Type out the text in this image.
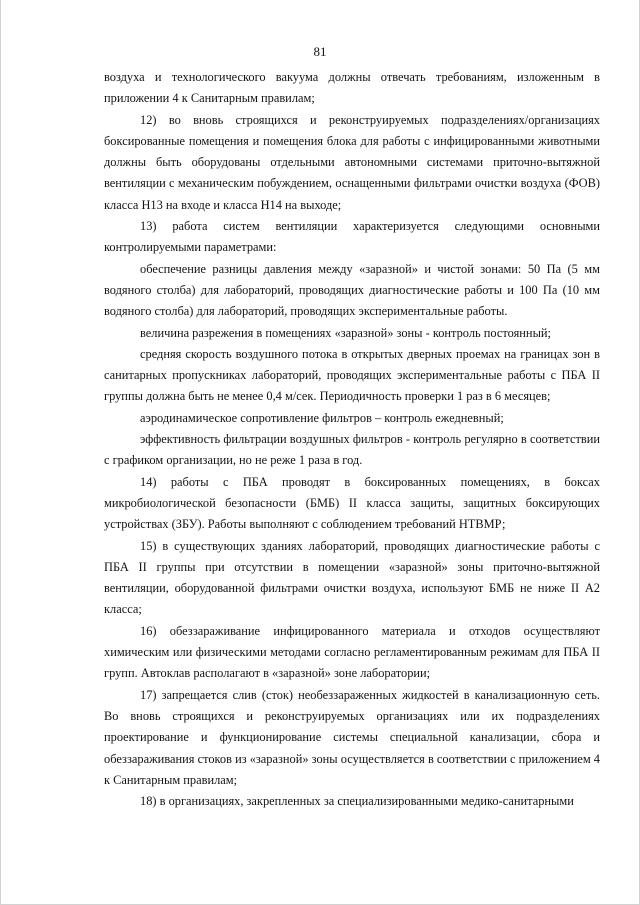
81

воздуха и технологического вакуума должны отвечать требованиям, изложенным в приложении 4 к Санитарным правилам;

12) во вновь строящихся и реконструируемых подразделениях/организациях боксированные помещения и помещения блока для работы с инфицированными животными должны быть оборудованы отдельными автономными системами приточно-вытяжной вентиляции с механическим побуждением, оснащенными фильтрами очистки воздуха (ФОВ) класса Н13 на входе и класса Н14 на выходе;

13) работа систем вентиляции характеризуется следующими основными контролируемыми параметрами:

обеспечение разницы давления между «заразной» и чистой зонами: 50 Па (5 мм водяного столба) для лабораторий, проводящих диагностические работы и 100 Па (10 мм водяного столба) для лабораторий, проводящих экспериментальные работы.

величина разрежения в помещениях «заразной» зоны - контроль постоянный;

средняя скорость воздушного потока в открытых дверных проемах на границах зон в санитарных пропускниках лабораторий, проводящих экспериментальные работы с ПБА II группы должна быть не менее 0,4 м/сек. Периодичность проверки 1 раз в 6 месяцев;

аэродинамическое сопротивление фильтров – контроль ежедневный;

эффективность фильтрации воздушных фильтров - контроль регулярно в соответствии с графиком организации, но не реже 1 раза в год.

14) работы с ПБА проводят в боксированных помещениях, в боксах микробиологической безопасности (БМБ) II класса защиты, защитных боксирующих устройствах (ЗБУ). Работы выполняют с соблюдением требований НТВМР;

15) в существующих зданиях лабораторий, проводящих диагностические работы с ПБА II группы при отсутствии в помещении «заразной» зоны приточно-вытяжной вентиляции, оборудованной фильтрами очистки воздуха, используют БМБ не ниже II А2 класса;

16) обеззараживание инфицированного материала и отходов осуществляют химическим или физическими методами согласно регламентированным режимам для ПБА II групп. Автоклав располагают в «заразной» зоне лаборатории;

17) запрещается слив (сток) необеззараженных жидкостей в канализационную сеть. Во вновь строящихся и реконструируемых организациях или их подразделениях проектирование и функционирование системы специальной канализации, сбора и обеззараживания стоков из «заразной» зоны осуществляется в соответствии с приложением 4 к Санитарным правилам;

18) в организациях, закрепленных за специализированными медико-санитарными
